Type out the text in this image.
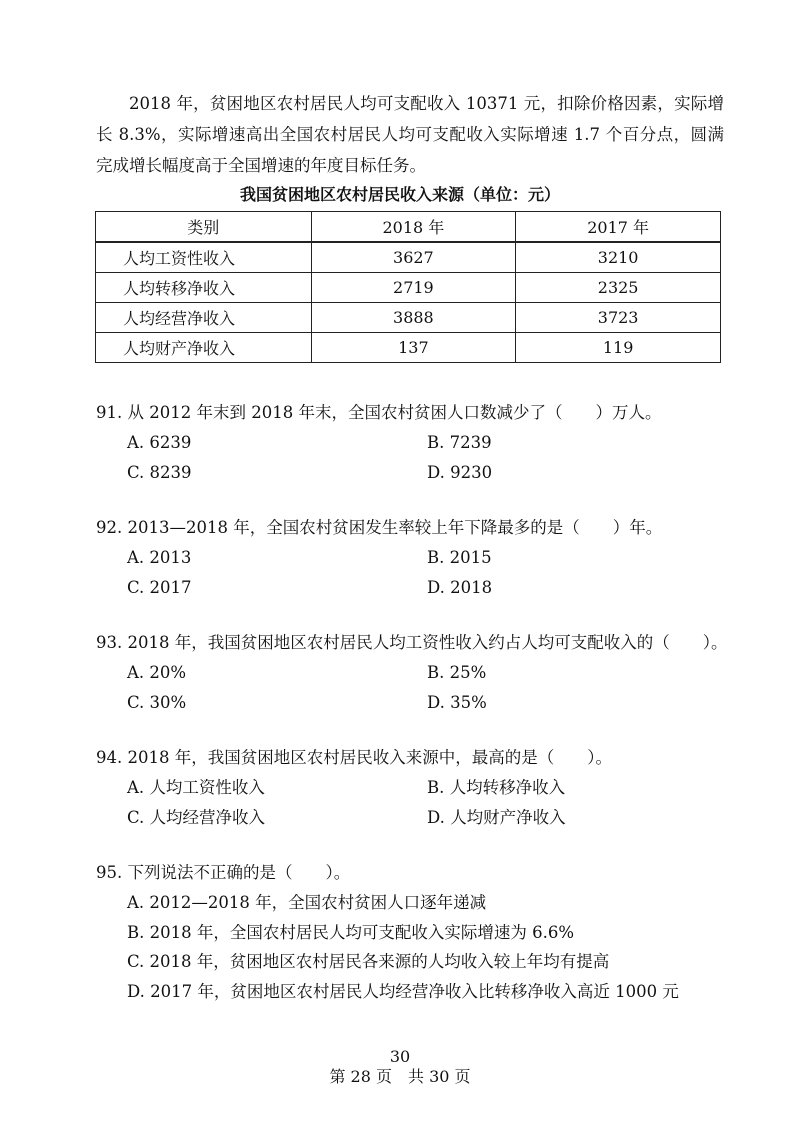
2018 年，贫困地区农村居民人均可支配收入 10371 元，扣除价格因素，实际增长 8.3%，实际增速高出全国农村居民人均可支配收入实际增速 1.7 个百分点，圆满完成增长幅度高于全国增速的年度目标任务。

我国贫困地区农村居民收入来源（单位：元）
类别	2018 年	2017 年
人均工资性收入	3627	3210
人均转移净收入	2719	2325
人均经营净收入	3888	3723
人均财产净收入	137	119
91. 从 2012 年末到 2018 年末，全国农村贫困人口数减少了（　　）万人。
A. 6239	B. 7239
C. 8239	D. 9230
92. 2013—2018 年，全国农村贫困发生率较上年下降最多的是（　　）年。
A. 2013	B. 2015
C. 2017	D. 2018
93. 2018 年，我国贫困地区农村居民人均工资性收入约占人均可支配收入的（　　）。
A. 20%	B. 25%
C. 30%	D. 35%
94. 2018 年，我国贫困地区农村居民收入来源中，最高的是（　　）。
A. 人均工资性收入	B. 人均转移净收入
C. 人均经营净收入	D. 人均财产净收入
95. 下列说法不正确的是（　　）。
A. 2012—2018 年，全国农村贫困人口逐年递减
B. 2018 年，全国农村居民人均可支配收入实际增速为 6.6%
C. 2018 年，贫困地区农村居民各来源的人均收入较上年均有提高
D. 2017 年，贫困地区农村居民人均经营净收入比转移净收入高近 1000 元
30
第 28 页　共 30 页
